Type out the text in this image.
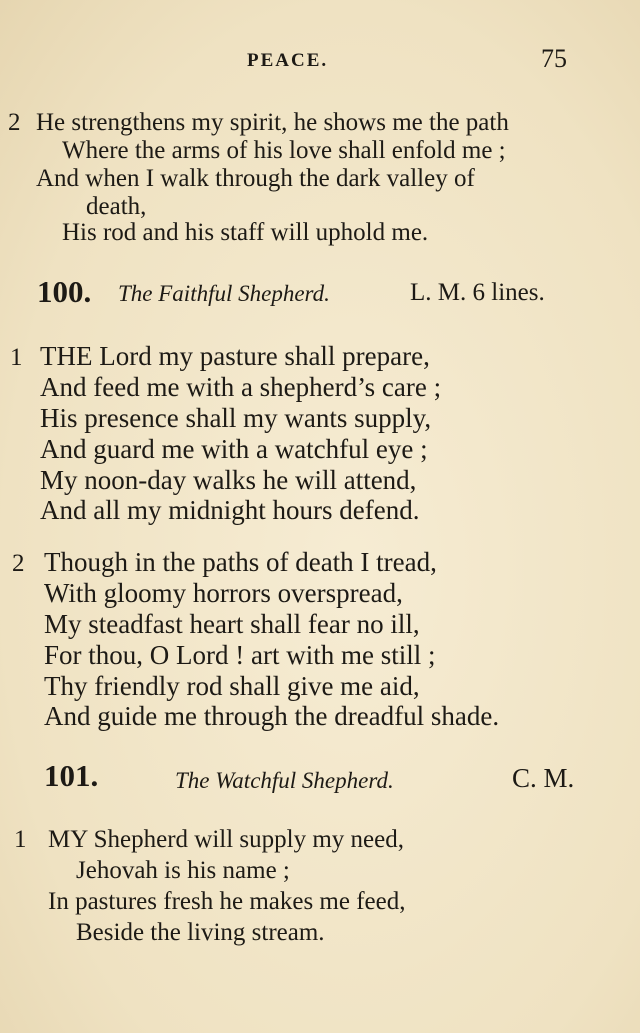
PEACE.	75
2 He strengthens my spirit, he shows me the path
Where the arms of his love shall enfold me ;
And when I walk through the dark valley of
death,
His rod and his staff will uphold me.
100. The Faithful Shepherd.	L. M. 6 lines.
1 THE Lord my pasture shall prepare,
And feed me with a shepherd’s care ;
His presence shall my wants supply,
And guard me with a watchful eye ;
My noon-day walks he will attend,
And all my midnight hours defend.
2 Though in the paths of death I tread,
With gloomy horrors overspread,
My steadfast heart shall fear no ill,
For thou, O Lord ! art with me still ;
Thy friendly rod shall give me aid,
And guide me through the dreadful shade.
101.	The Watchful Shepherd.	C. M.
1 MY Shepherd will supply my need,
Jehovah is his name ;
In pastures fresh he makes me feed,
Beside the living stream.
